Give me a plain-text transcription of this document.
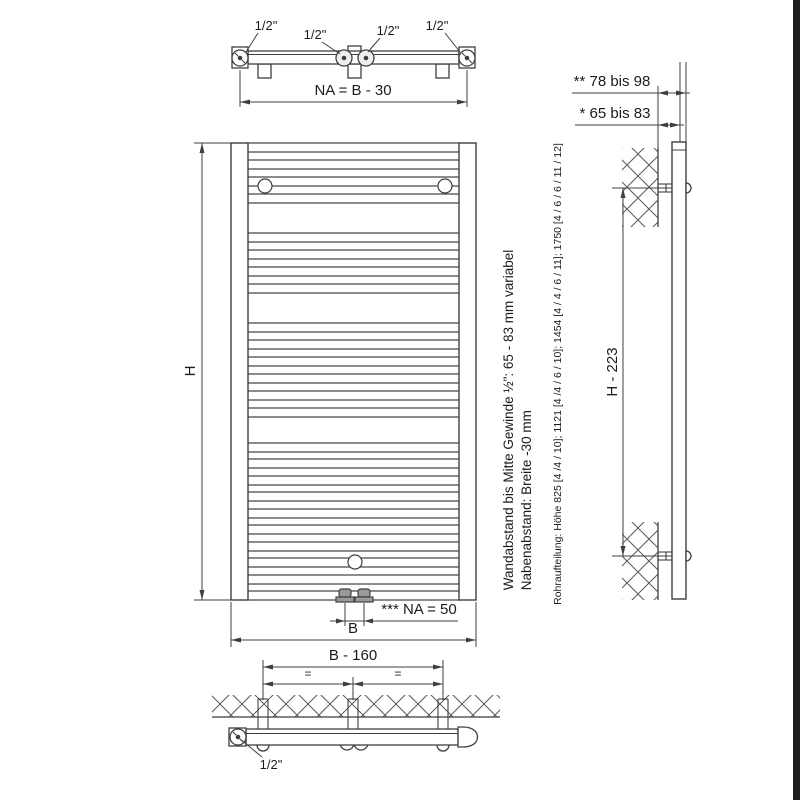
1/2"
1/2"	1/2" 1/2"
NA = B - 30
H
*** NA = 50
B
** 78 bis 98
* 65 bis 83
H - 223
B - 160
=	=
1/2"
Wandabstand bis Mitte Gewinde ½": 65 - 83 mm variabel Nabenabstand: Breite -30 mm Rohraufteilung: Höhe 825 [4 /4 / 10]; 1121 [4 /4 / 6 / 10]; 1454 [4 / 4 / 6 / 11]; 1750 [4 / 6 / 6 / 11 / 12]
